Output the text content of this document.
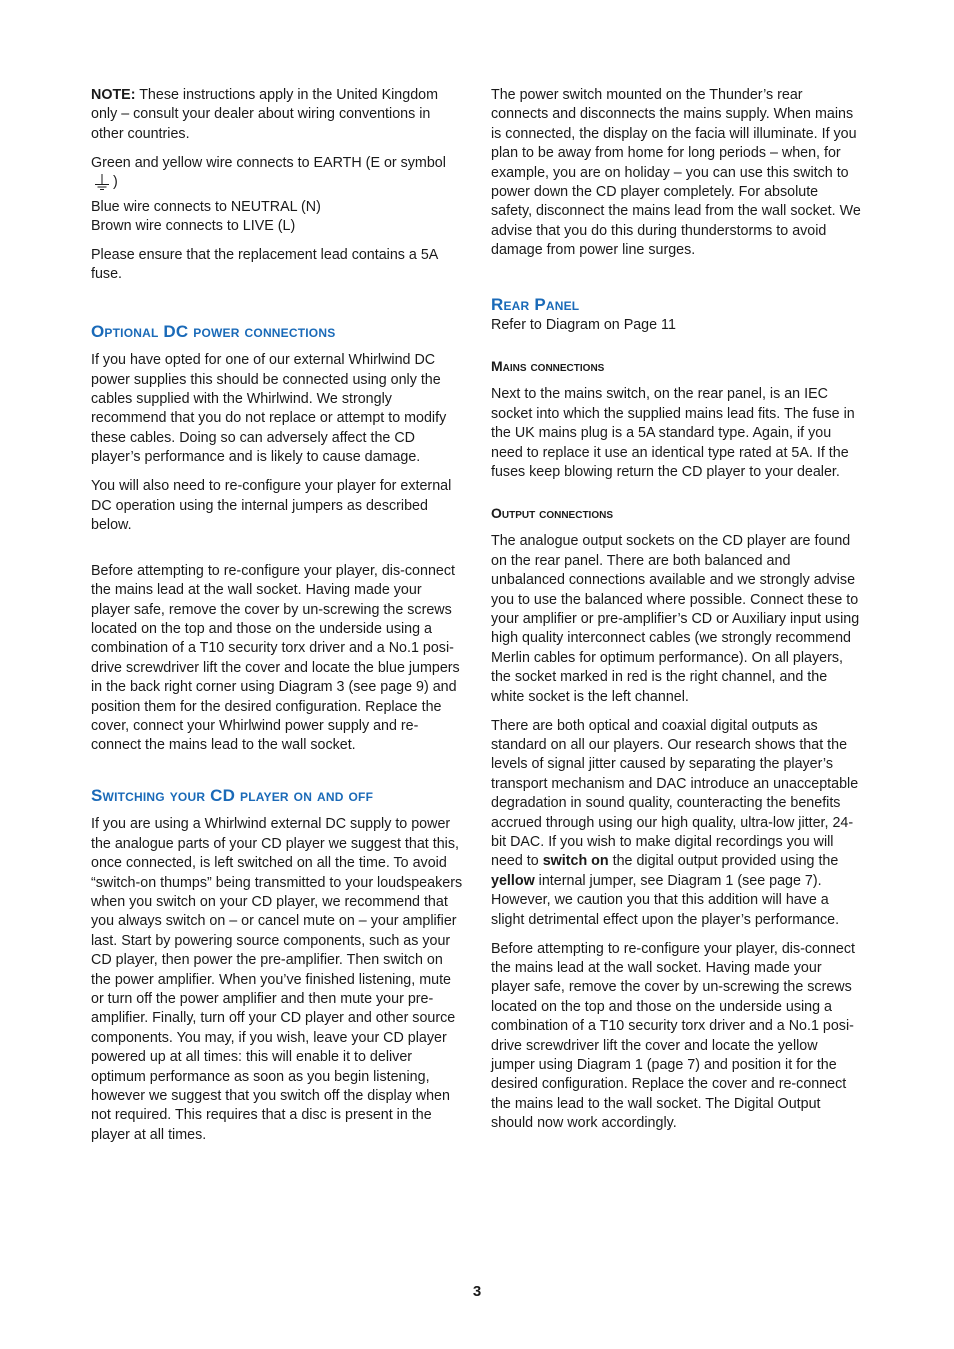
NOTE: These instructions apply in the United Kingdom only – consult your dealer about wiring conventions in other countries.

Green and yellow wire connects to EARTH (E or symbol )
Blue wire connects to NEUTRAL (N)
Brown wire connects to LIVE (L)

Please ensure that the replacement lead contains a 5A fuse.

Optional DC power connections

If you have opted for one of our external Whirlwind DC power supplies this should be connected using only the cables supplied with the Whirlwind. We strongly recommend that you do not replace or attempt to modify these cables. Doing so can adversely affect the CD player’s performance and is likely to cause damage.

You will also need to re-configure your player for external DC operation using the internal jumpers as described below.

Before attempting to re-configure your player, dis-connect the mains lead at the wall socket. Having made your player safe, remove the cover by un-screwing the screws located on the top and those on the underside using a combination of a T10 security torx driver and a No.1 posi-drive screwdriver lift the cover and locate the blue jumpers in the back right corner using Diagram 3 (see page 9) and position them for the desired configuration. Replace the cover, connect your Whirlwind power supply and re-connect the mains lead to the wall socket.

Switching your CD player on and off

If you are using a Whirlwind external DC supply to power the analogue parts of your CD player we suggest that this, once connected, is left switched on all the time. To avoid “switch-on thumps” being transmitted to your loudspeakers when you switch on your CD player, we recommend that you always switch on – or cancel mute on – your amplifier last. Start by powering source components, such as your CD player, then power the pre-amplifier. Then switch on the power amplifier. When you’ve finished listening, mute or turn off the power amplifier and then mute your pre-amplifier. Finally, turn off your CD player and other source components. You may, if you wish, leave your CD player powered up at all times: this will enable it to deliver optimum performance as soon as you begin listening, however we suggest that you switch off the display when not required. This requires that a disc is present in the player at all times.

The power switch mounted on the Thunder’s rear connects and disconnects the mains supply. When mains is connected, the display on the facia will illuminate. If you plan to be away from home for long periods – when, for example, you are on holiday – you can use this switch to power down the CD player completely. For absolute safety, disconnect the mains lead from the wall socket. We advise that you do this during thunderstorms to avoid damage from power line surges.

Rear Panel

Refer to Diagram on Page 11

Mains connections

Next to the mains switch, on the rear panel, is an IEC socket into which the supplied mains lead fits. The fuse in the UK mains plug is a 5A standard type. Again, if you need to replace it use an identical type rated at 5A. If the fuses keep blowing return the CD player to your dealer.

Output connections

The analogue output sockets on the CD player are found on the rear panel. There are both balanced and unbalanced connections available and we strongly advise you to use the balanced where possible. Connect these to your amplifier or pre-amplifier’s CD or Auxiliary input using high quality interconnect cables (we strongly recommend Merlin cables for optimum performance). On all players, the socket marked in red is the right channel, and the white socket is the left channel.

There are both optical and coaxial digital outputs as standard on all our players. Our research shows that the levels of signal jitter caused by separating the player’s transport mechanism and DAC introduce an unacceptable degradation in sound quality, counteracting the benefits accrued through using our high quality, ultra-low jitter, 24-bit DAC. If you wish to make digital recordings you will need to switch on the digital output provided using the yellow internal jumper, see Diagram 1 (see page 7). However, we caution you that this addition will have a slight detrimental effect upon the player’s performance.

Before attempting to re-configure your player, dis-connect the mains lead at the wall socket. Having made your player safe, remove the cover by un-screwing the screws located on the top and those on the underside using a combination of a T10 security torx driver and a No.1 posi-drive screwdriver lift the cover and locate the yellow jumper using Diagram 1 (page 7) and position it for the desired configuration. Replace the cover and re-connect the mains lead to the wall socket. The Digital Output should now work accordingly.

3
